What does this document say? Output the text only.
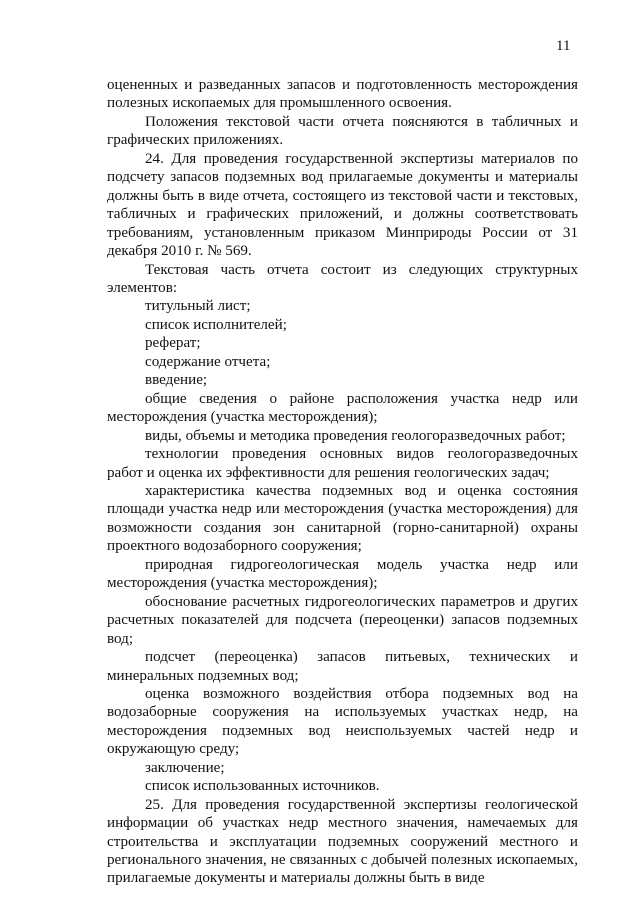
11

оцененных и разведанных запасов и подготовленность месторождения полезных ископаемых для промышленного освоения.

Положения текстовой части отчета поясняются в табличных и графических приложениях.

24. Для проведения государственной экспертизы материалов по подсчету запасов подземных вод прилагаемые документы и материалы должны быть в виде отчета, состоящего из текстовой части и текстовых, табличных и графических приложений, и должны соответствовать требованиям, установленным приказом Минприроды России от 31 декабря 2010 г. № 569.

Текстовая часть отчета состоит из следующих структурных элементов:

титульный лист;

список исполнителей;

реферат;

содержание отчета;

введение;

общие сведения о районе расположения участка недр или месторождения (участка месторождения);

виды, объемы и методика проведения геологоразведочных работ;

технологии проведения основных видов геологоразведочных работ и оценка их эффективности для решения геологических задач;

характеристика качества подземных вод и оценка состояния площади участка недр или месторождения (участка месторождения) для возможности создания зон санитарной (горно-санитарной) охраны проектного водозаборного сооружения;

природная гидрогеологическая модель участка недр или месторождения (участка месторождения);

обоснование расчетных гидрогеологических параметров и других расчетных показателей для подсчета (переоценки) запасов подземных вод;

подсчет (переоценка) запасов питьевых, технических и минеральных подземных вод;

оценка возможного воздействия отбора подземных вод на водозаборные сооружения на используемых участках недр, на месторождения подземных вод неиспользуемых частей недр и окружающую среду;

заключение;

список использованных источников.

25. Для проведения государственной экспертизы геологической информации об участках недр местного значения, намечаемых для строительства и эксплуатации подземных сооружений местного и регионального значения, не связанных с добычей полезных ископаемых, прилагаемые документы и материалы должны быть в виде
